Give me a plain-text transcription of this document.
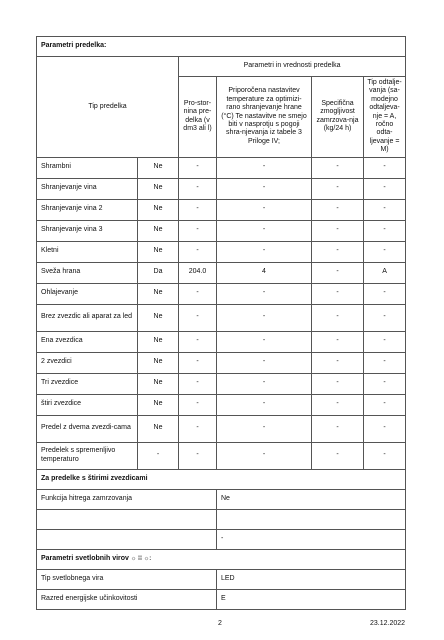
Parametri predelka:					
Tip predelka		Parametri in vrednosti predelka			
		Pro-stor-nina pre-delka (v dm3 ali l)	Priporočena nastavitev temperature za optimizi-rano shranjevanje hrane (°C) Te nastavitve ne smejo biti v nasprotju s pogoji shra-njevanja iz tabele 3 Priloge IV;	Specifična zmogljivost zamrzova-nja (kg/24 h)	Tip odtalje-vanja (sa-modejno odtaljeva-nje = A, ročno odta-ljevanje = M)
Shrambni	Ne	-	-	-	-
Shranjevanje vina	Ne	-	-	-	-
Shranjevanje vina 2	Ne	-	-	-	-
Shranjevanje vina 3	Ne	-	-	-	-
Kletni	Ne	-	-	-	-
Sveža hrana	Da	204.0	4	-	A
Ohlajevanje	Ne	-	-	-	-
Brez zvezdic ali aparat za led	Ne	-	-	-	-
Ena zvezdica	Ne	-	-	-	-
2 zvezdici	Ne	-	-	-	-
Tri zvezdice	Ne	-	-	-	-
štiri zvezdice	Ne	-	-	-	-
Predel z dvema zvezdi-cama	Ne	-	-	-	-
Predelek s spremenljivo temperaturo	-	-	-	-	-
Za predelke s štirimi zvezdicami					
Funkcija hitrega zamrzovanja			Ne		

			-		
Parametri svetlobnih virov ☼ ⁞⁞ ☼:					
Tip svetlobnega vira			LED		
Razred energijske učinkovitosti			E		
2	23.12.2022
